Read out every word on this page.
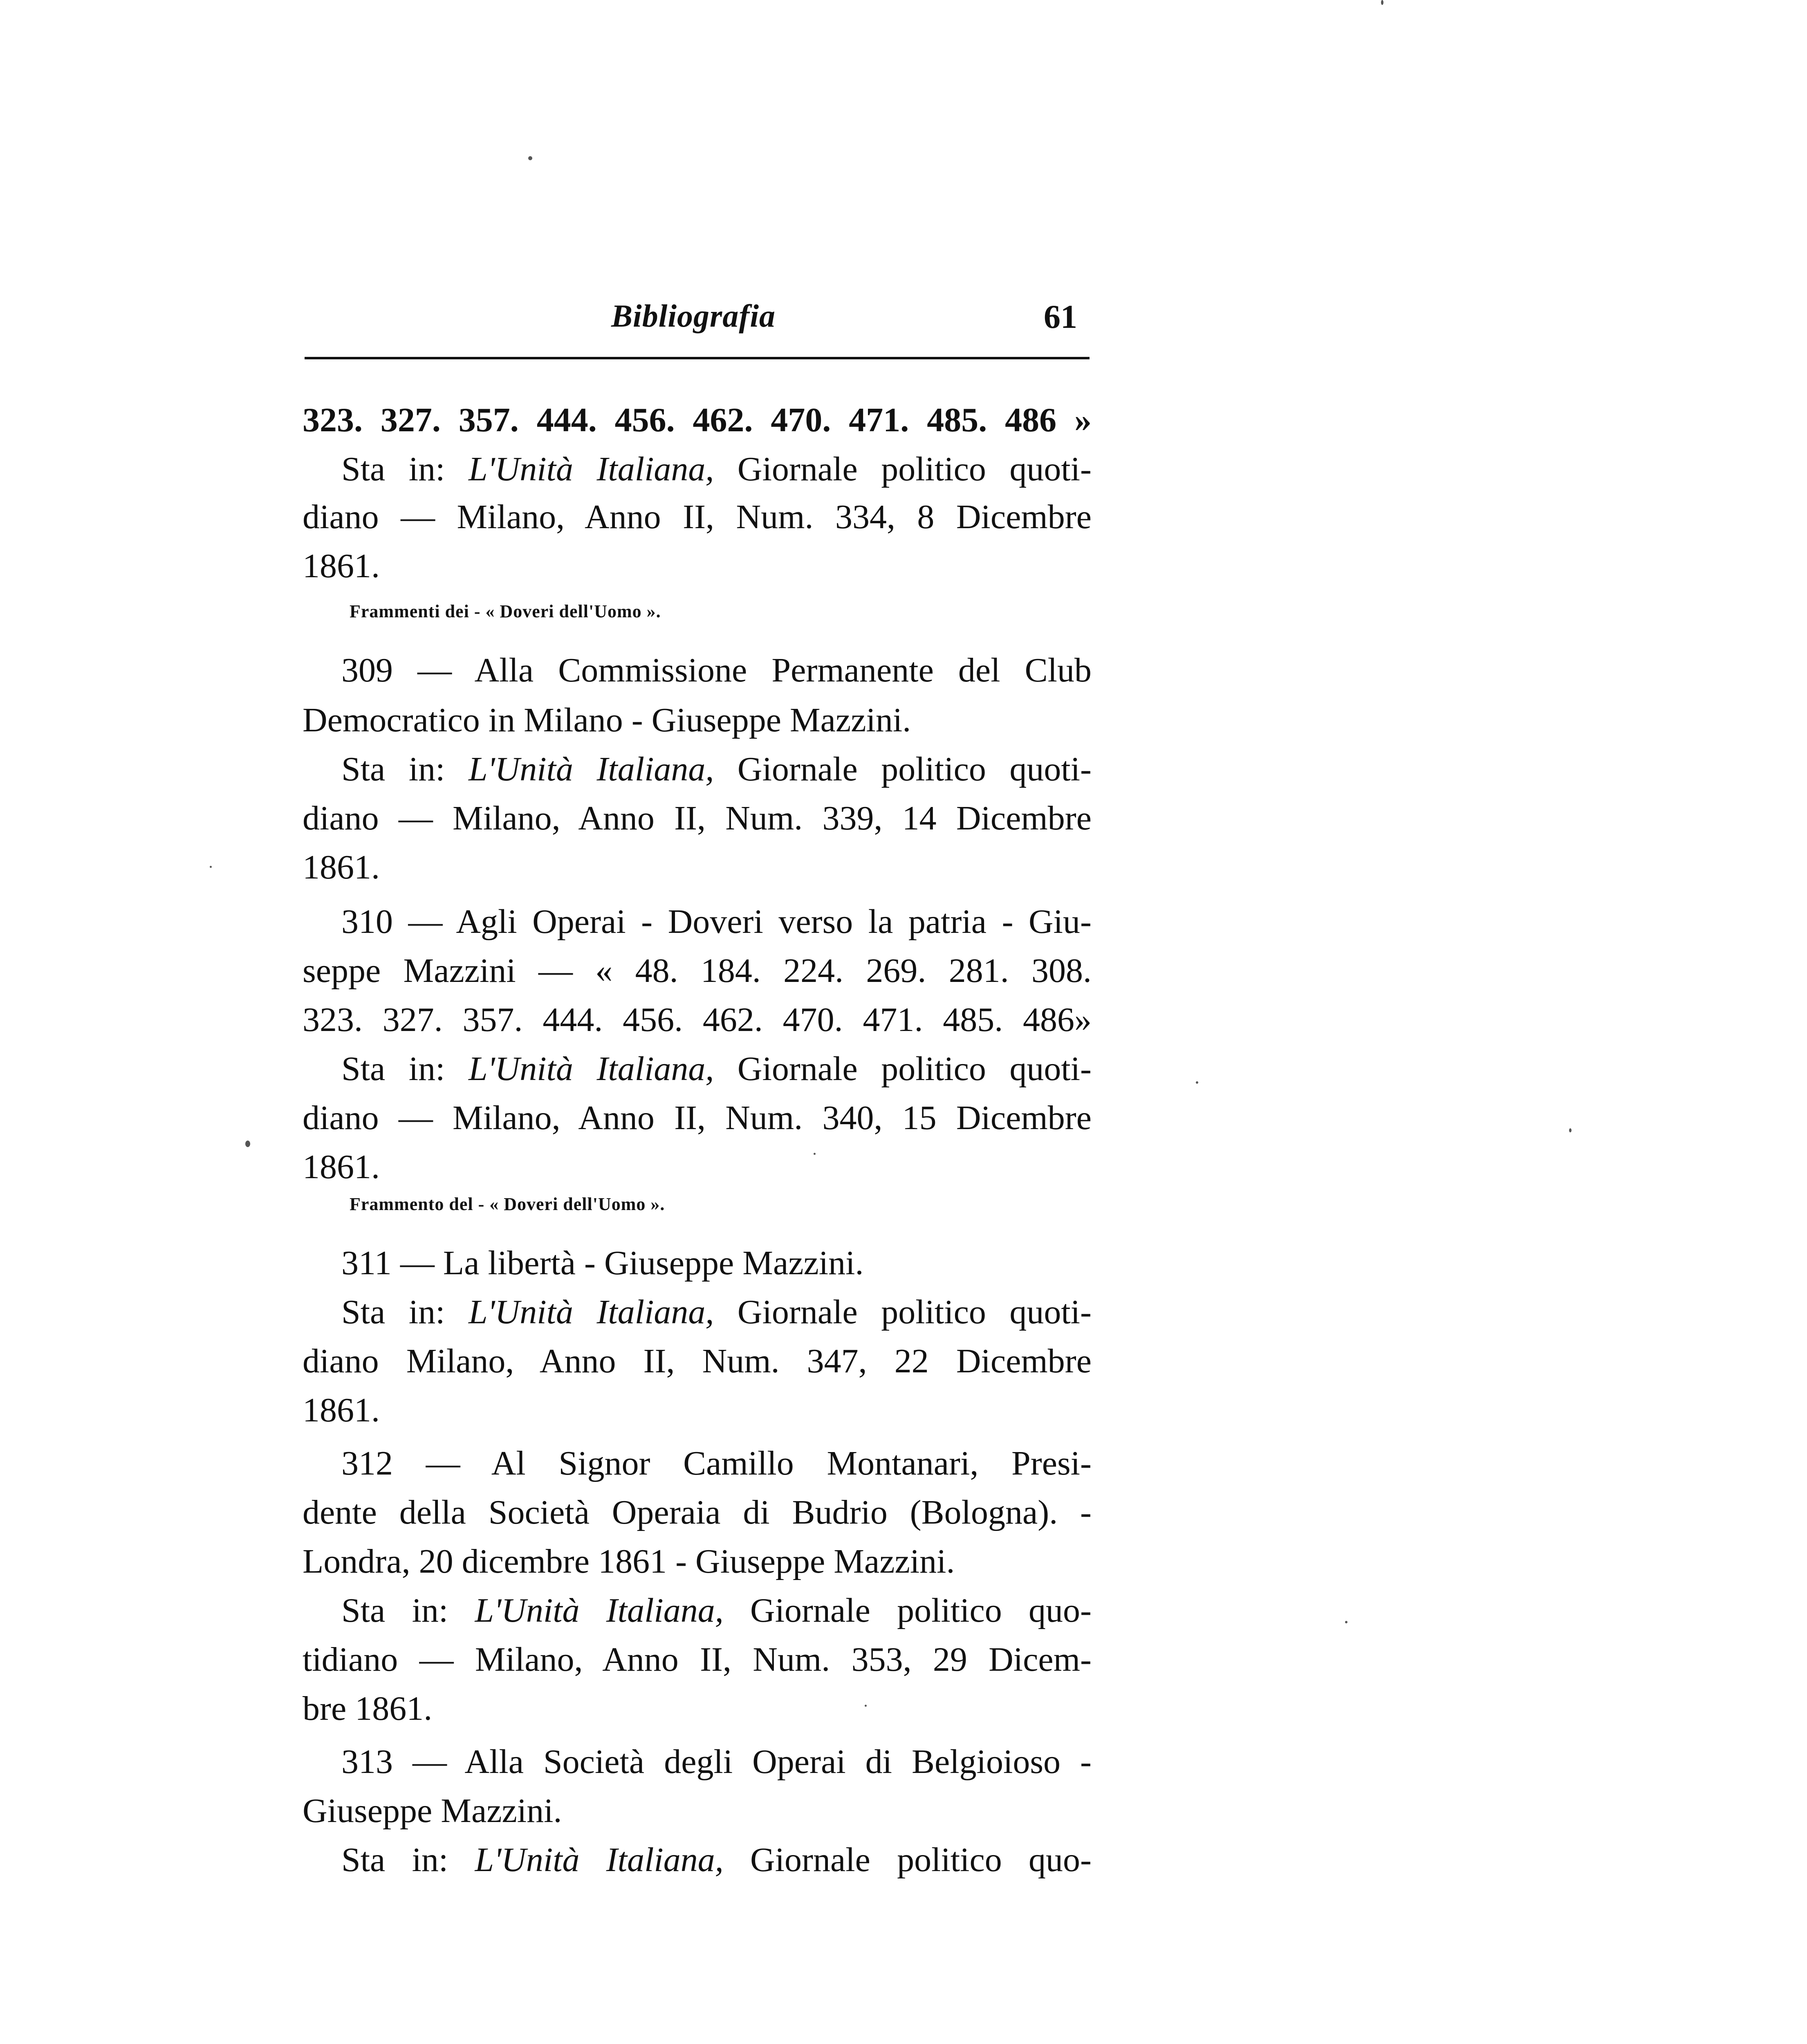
Bibliografia	61
323. 327. 357. 444. 456. 462. 470. 471. 485. 486 »
Sta in: L'Unità Italiana, Giornale politico quoti-
diano — Milano, Anno II, Num. 334, 8 Dicembre
1861.
Frammenti dei - « Doveri dell'Uomo ».
309 — Alla Commissione Permanente del Club
Democratico in Milano - Giuseppe Mazzini.
Sta in: L'Unità Italiana, Giornale politico quoti-
diano — Milano, Anno II, Num. 339, 14 Dicembre
1861.
310 — Agli Operai - Doveri verso la patria - Giu-
seppe Mazzini — « 48. 184. 224. 269. 281. 308.
323. 327. 357. 444. 456. 462. 470. 471. 485. 486»
Sta in: L'Unità Italiana, Giornale politico quoti-
diano — Milano, Anno II, Num. 340, 15 Dicembre
1861.
Frammento del - « Doveri dell'Uomo ».
311 — La libertà - Giuseppe Mazzini.
Sta in: L'Unità Italiana, Giornale politico quoti-
diano Milano, Anno II, Num. 347, 22 Dicembre
1861.
312 — Al Signor Camillo Montanari, Presi-
dente della Società Operaia di Budrio (Bologna). -
Londra, 20 dicembre 1861 - Giuseppe Mazzini.
Sta in: L'Unità Italiana, Giornale politico quo-
tidiano — Milano, Anno II, Num. 353, 29 Dicem-
bre 1861.
313 — Alla Società degli Operai di Belgioioso -
Giuseppe Mazzini.
Sta in: L'Unità Italiana, Giornale politico quo-
